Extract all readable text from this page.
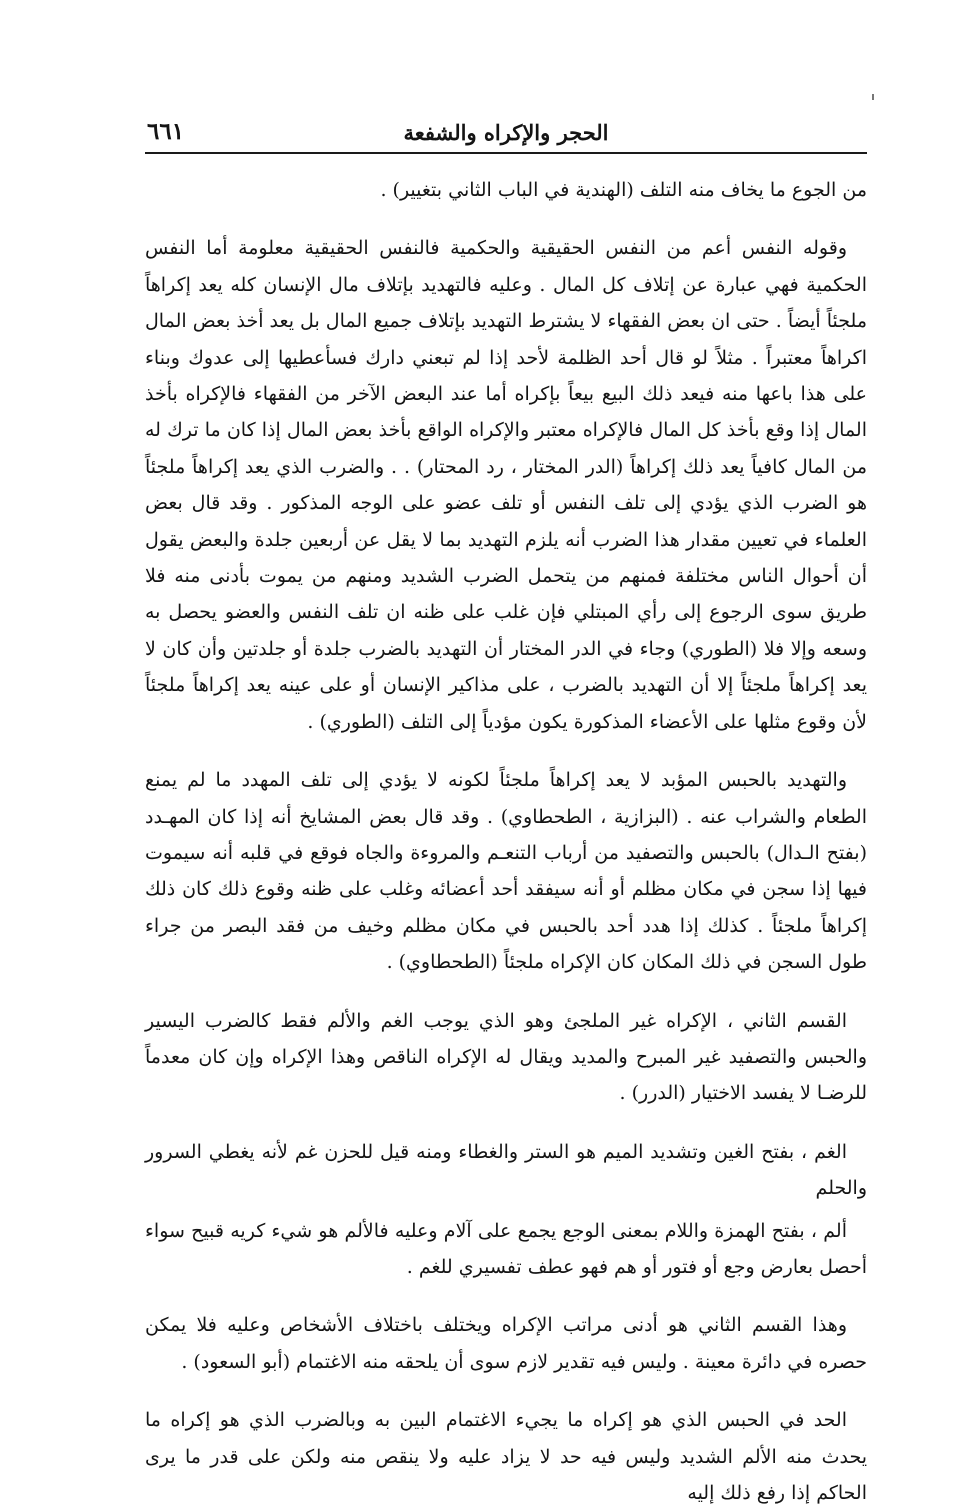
الحجر والإكراه والشفعة
٦٦١

من الجوع ما يخاف منه التلف (الهندية في الباب الثاني بتغيير) .

وقوله النفس أعم من النفس الحقيقية والحكمية فالنفس الحقيقية معلومة أما النفس الحكمية فهي عبارة عن إتلاف كل المال . وعليه فالتهديد بإتلاف مال الإنسان كله يعد إكراهاً ملجئاً أيضاً . حتى ان بعض الفقهاء لا يشترط التهديد بإتلاف جميع المال بل يعد أخذ بعض المال اكراهاً معتبراً . مثلاً لو قال أحد الظلمة لأحد إذا لم تبعني دارك فسأعطيها إلى عدوك وبناء على هذا باعها منه فيعد ذلك البيع بيعاً بإكراه أما عند البعض الآخر من الفقهاء فالإكراه بأخذ المال إذا وقع بأخذ كل المال فالإكراه معتبر والإكراه الواقع بأخذ بعض المال إذا كان ما ترك له من المال كافياً يعد ذلك إكراهاً (الدر المختار ، رد المحتار) . . والضرب الذي يعد إكراهاً ملجئاً هو الضرب الذي يؤدي إلى تلف النفس أو تلف عضو على الوجه المذكور . وقد قال بعض العلماء في تعيين مقدار هذا الضرب أنه يلزم التهديد بما لا يقل عن أربعين جلدة والبعض يقول أن أحوال الناس مختلفة فمنهم من يتحمل الضرب الشديد ومنهم من يموت بأدنى منه فلا طريق سوى الرجوع إلى رأي المبتلي فإن غلب على ظنه ان تلف النفس والعضو يحصل به وسعه وإلا فلا (الطوري) وجاء في الدر المختار أن التهديد بالضرب جلدة أو جلدتين وأن كان لا يعد إكراهاً ملجئاً إلا أن التهديد بالضرب ، على مذاكير الإنسان أو على عينه يعد إكراهاً ملجئاً لأن وقوع مثلها على الأعضاء المذكورة يكون مؤدياً إلى التلف (الطوري) .

والتهديد بالحبس المؤبد لا يعد إكراهاً ملجئاً لكونه لا يؤدي إلى تلف المهدد ما لم يمنع الطعام والشراب عنه . (البزازية ، الطحطاوي) . وقد قال بعض المشايخ أنه إذا كان المهـدد (بفتح الـدال) بالحبس والتصفيد من أرباب التنعـم والمروءة والجاه فوقع في قلبه أنه سيموت فيها إذا سجن في مكان مظلم أو أنه سيفقد أحد أعضائه وغلب على ظنه وقوع ذلك كان ذلك إكراهاً ملجئاً . كذلك إذا هدد أحد بالحبس في مكان مظلم وخيف من فقد البصر من جراء طول السجن في ذلك المكان كان الإكراه ملجئاً (الطحطاوي) .

القسم الثاني ، الإكراه غير الملجئ وهو الذي يوجب الغم والألم فقط كالضرب اليسير والحبس والتصفيد غير المبرح والمديد ويقال له الإكراه الناقص وهذا الإكراه وإن كان معدماً للرضـا لا يفسد الاختيار (الدرر) .

الغم ، بفتح الغين وتشديد الميم هو الستر والغطاء ومنه قيل للحزن غم لأنه يغطي السرور والحلم

ألم ، بفتح الهمزة واللام بمعنى الوجع يجمع على آلام وعليه فالألم هو شيء كريه قبيح سواء أحصل بعارض وجع أو فتور أو هم فهو عطف تفسيري للغم .

وهذا القسم الثاني هو أدنى مراتب الإكراه ويختلف باختلاف الأشخاص وعليه فلا يمكن حصره في دائرة معينة . وليس فيه تقدير لازم سوى أن يلحقه منه الاغتمام (أبو السعود) .

الحد في الحبس الذي هو إكراه ما يجيء الاغتمام البين به وبالضرب الذي هو إكراه ما يحدث منه الألم الشديد وليس فيه حد لا يزاد عليه ولا ينقص منه ولكن على قدر ما يرى الحاكم إذا رفع ذلك إليه
